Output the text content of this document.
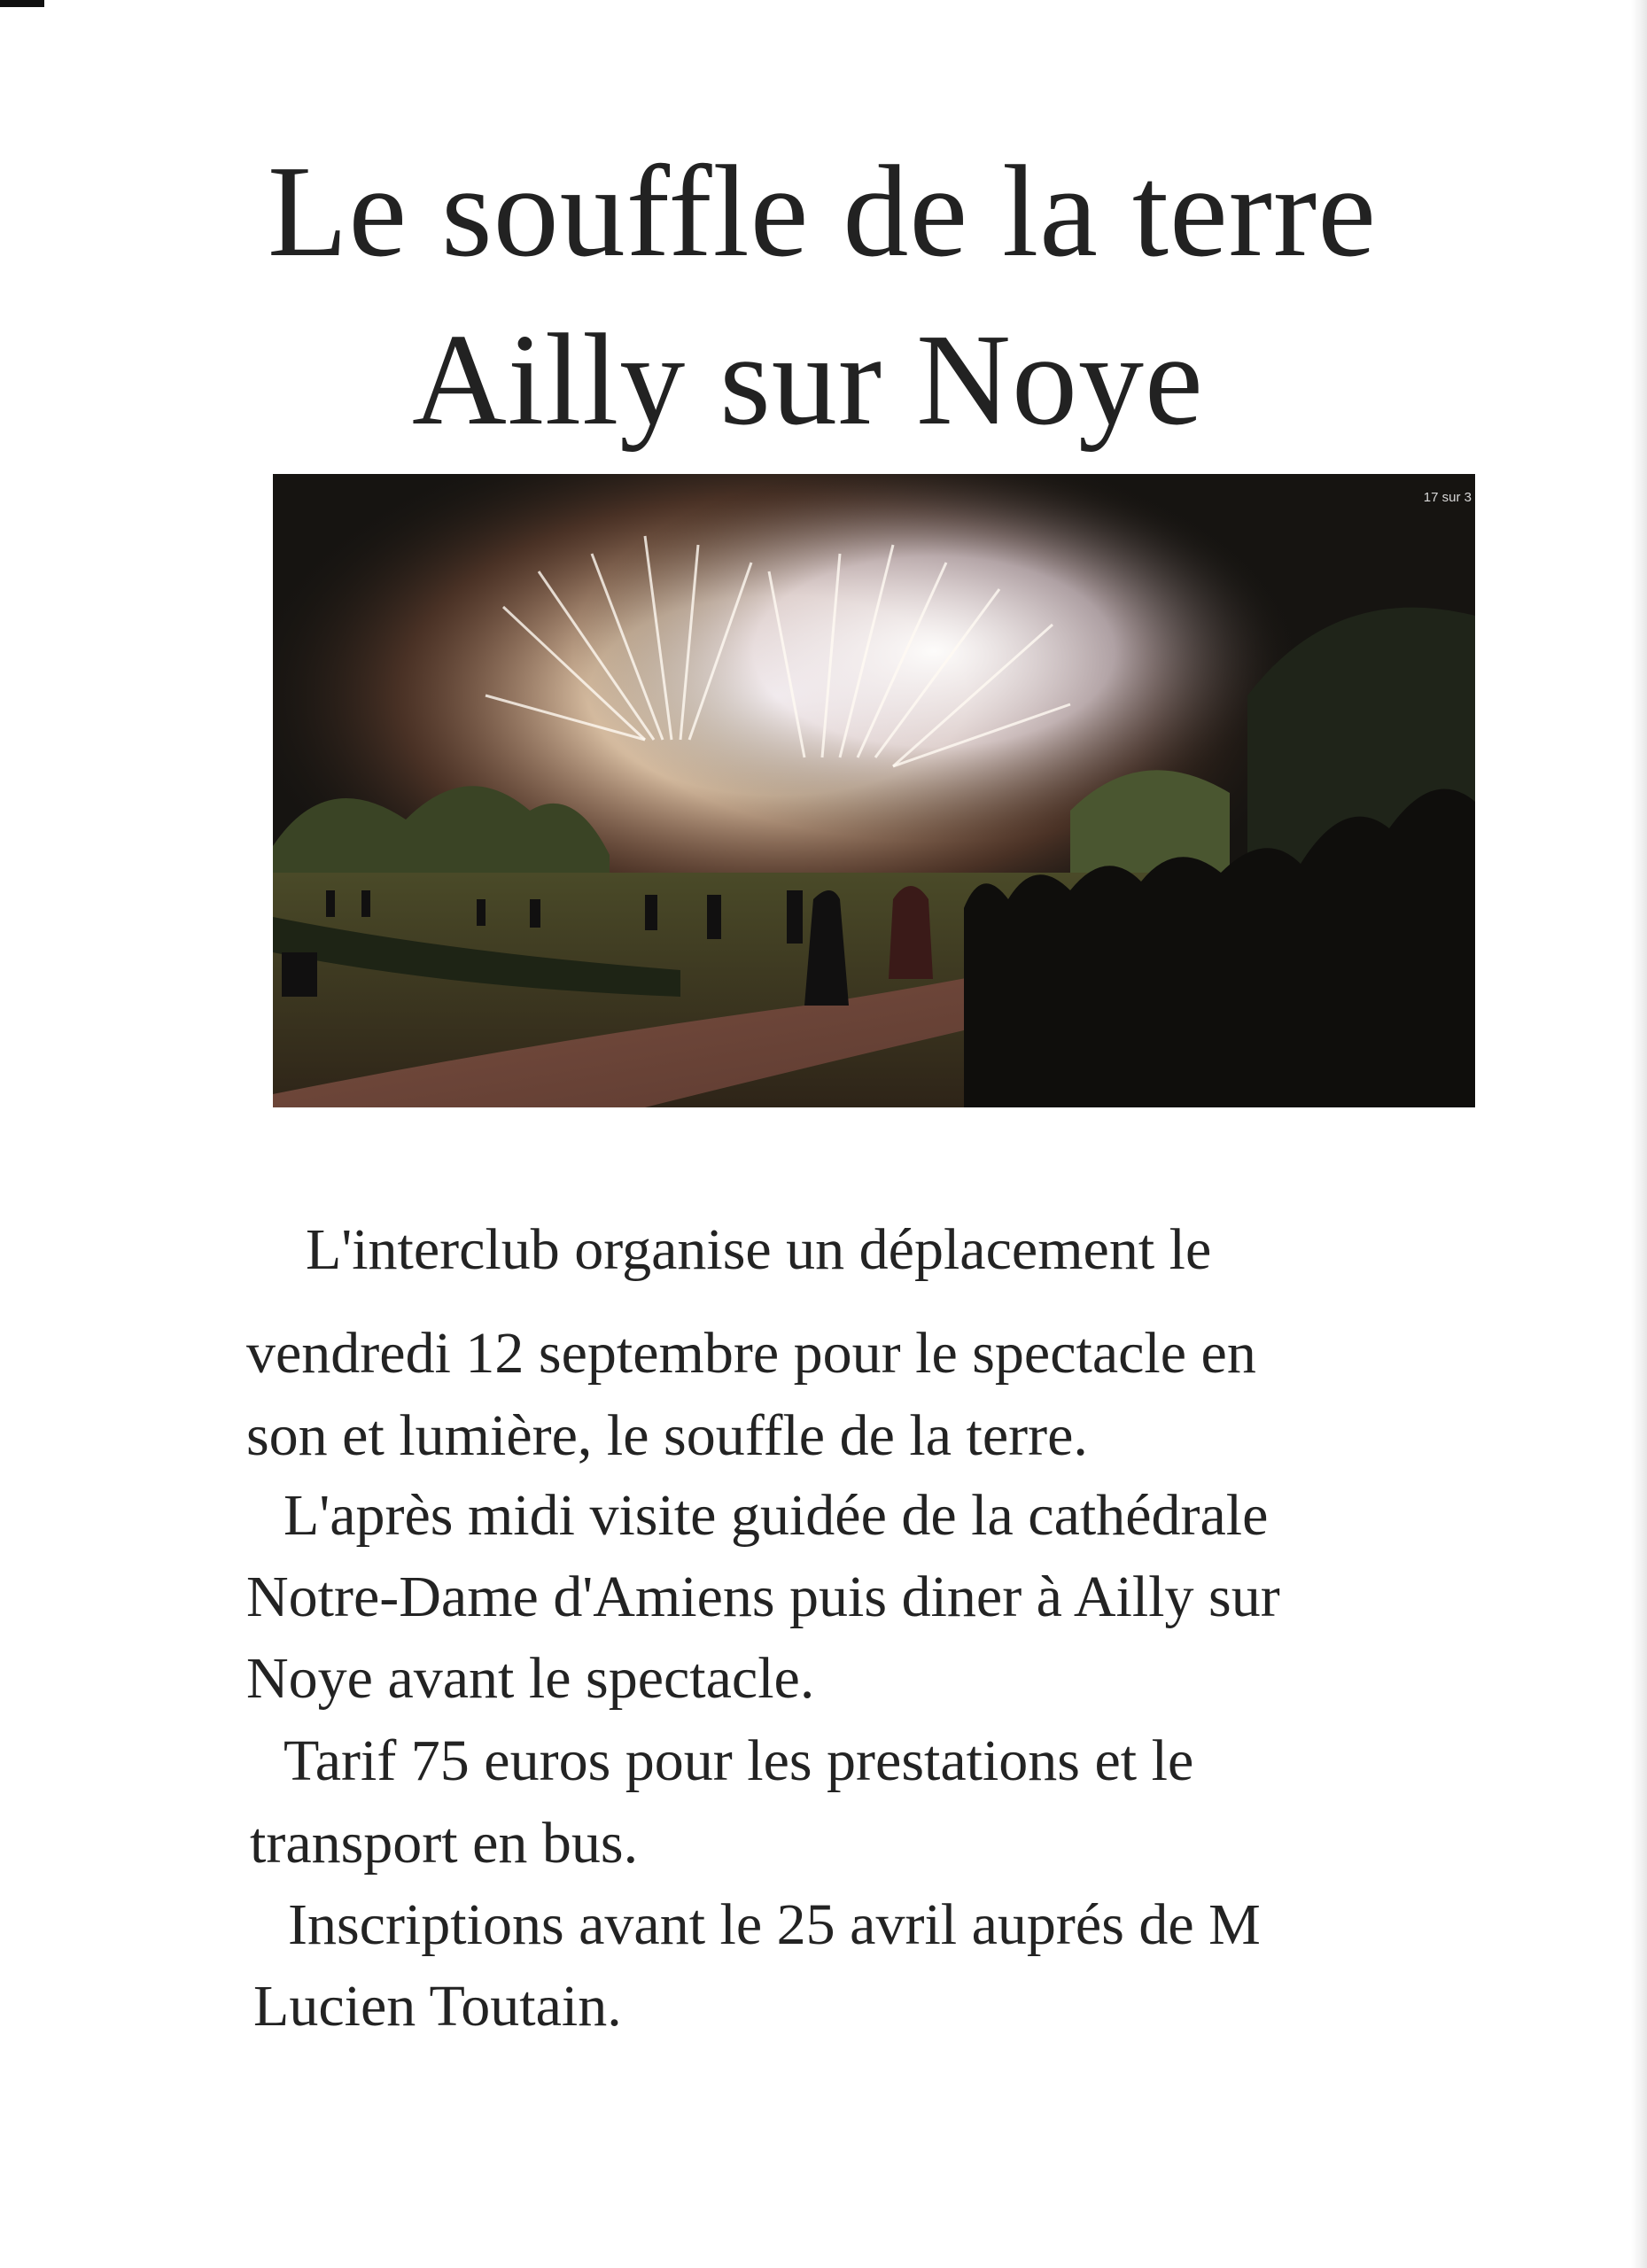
Le souffle de la terre
Ailly sur Noye
17 sur 3
L'interclub organise un déplacement le
vendredi 12 septembre pour le spectacle en
son et lumière, le souffle de la terre.
L'après midi visite guidée de la cathédrale
Notre-Dame d'Amiens puis diner à Ailly sur
Noye avant le spectacle.
Tarif 75 euros pour les prestations et le
transport en bus.
Inscriptions avant le 25 avril auprés de M
Lucien Toutain.
